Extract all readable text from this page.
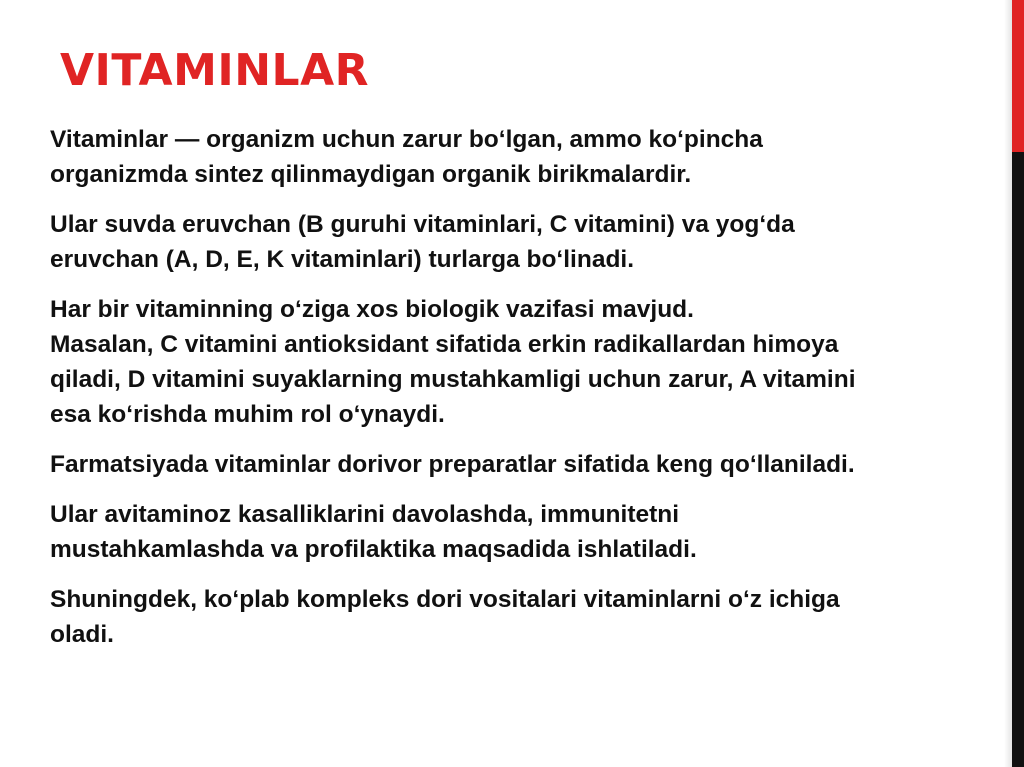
VITAMINLAR

Vitaminlar — organizm uchun zarur bo‘lgan, ammo ko‘pincha
organizmda sintez qilinmaydigan organik birikmalardir.

Ular suvda eruvchan (B guruhi vitaminlari, C vitamini) va yog‘da
eruvchan (A, D, E, K vitaminlari) turlarga bo‘linadi.

Har bir vitaminning o‘ziga xos biologik vazifasi mavjud.
Masalan, C vitamini antioksidant sifatida erkin radikallardan himoya
qiladi, D vitamini suyaklarning mustahkamligi uchun zarur, A vitamini
esa ko‘rishda muhim rol o‘ynaydi.

Farmatsiyada vitaminlar dorivor preparatlar sifatida keng qo‘llaniladi.

Ular avitaminoz kasalliklarini davolashda, immunitetni
mustahkamlashda va profilaktika maqsadida ishlatiladi.

Shuningdek, ko‘plab kompleks dori vositalari vitaminlarni o‘z ichiga
oladi.
